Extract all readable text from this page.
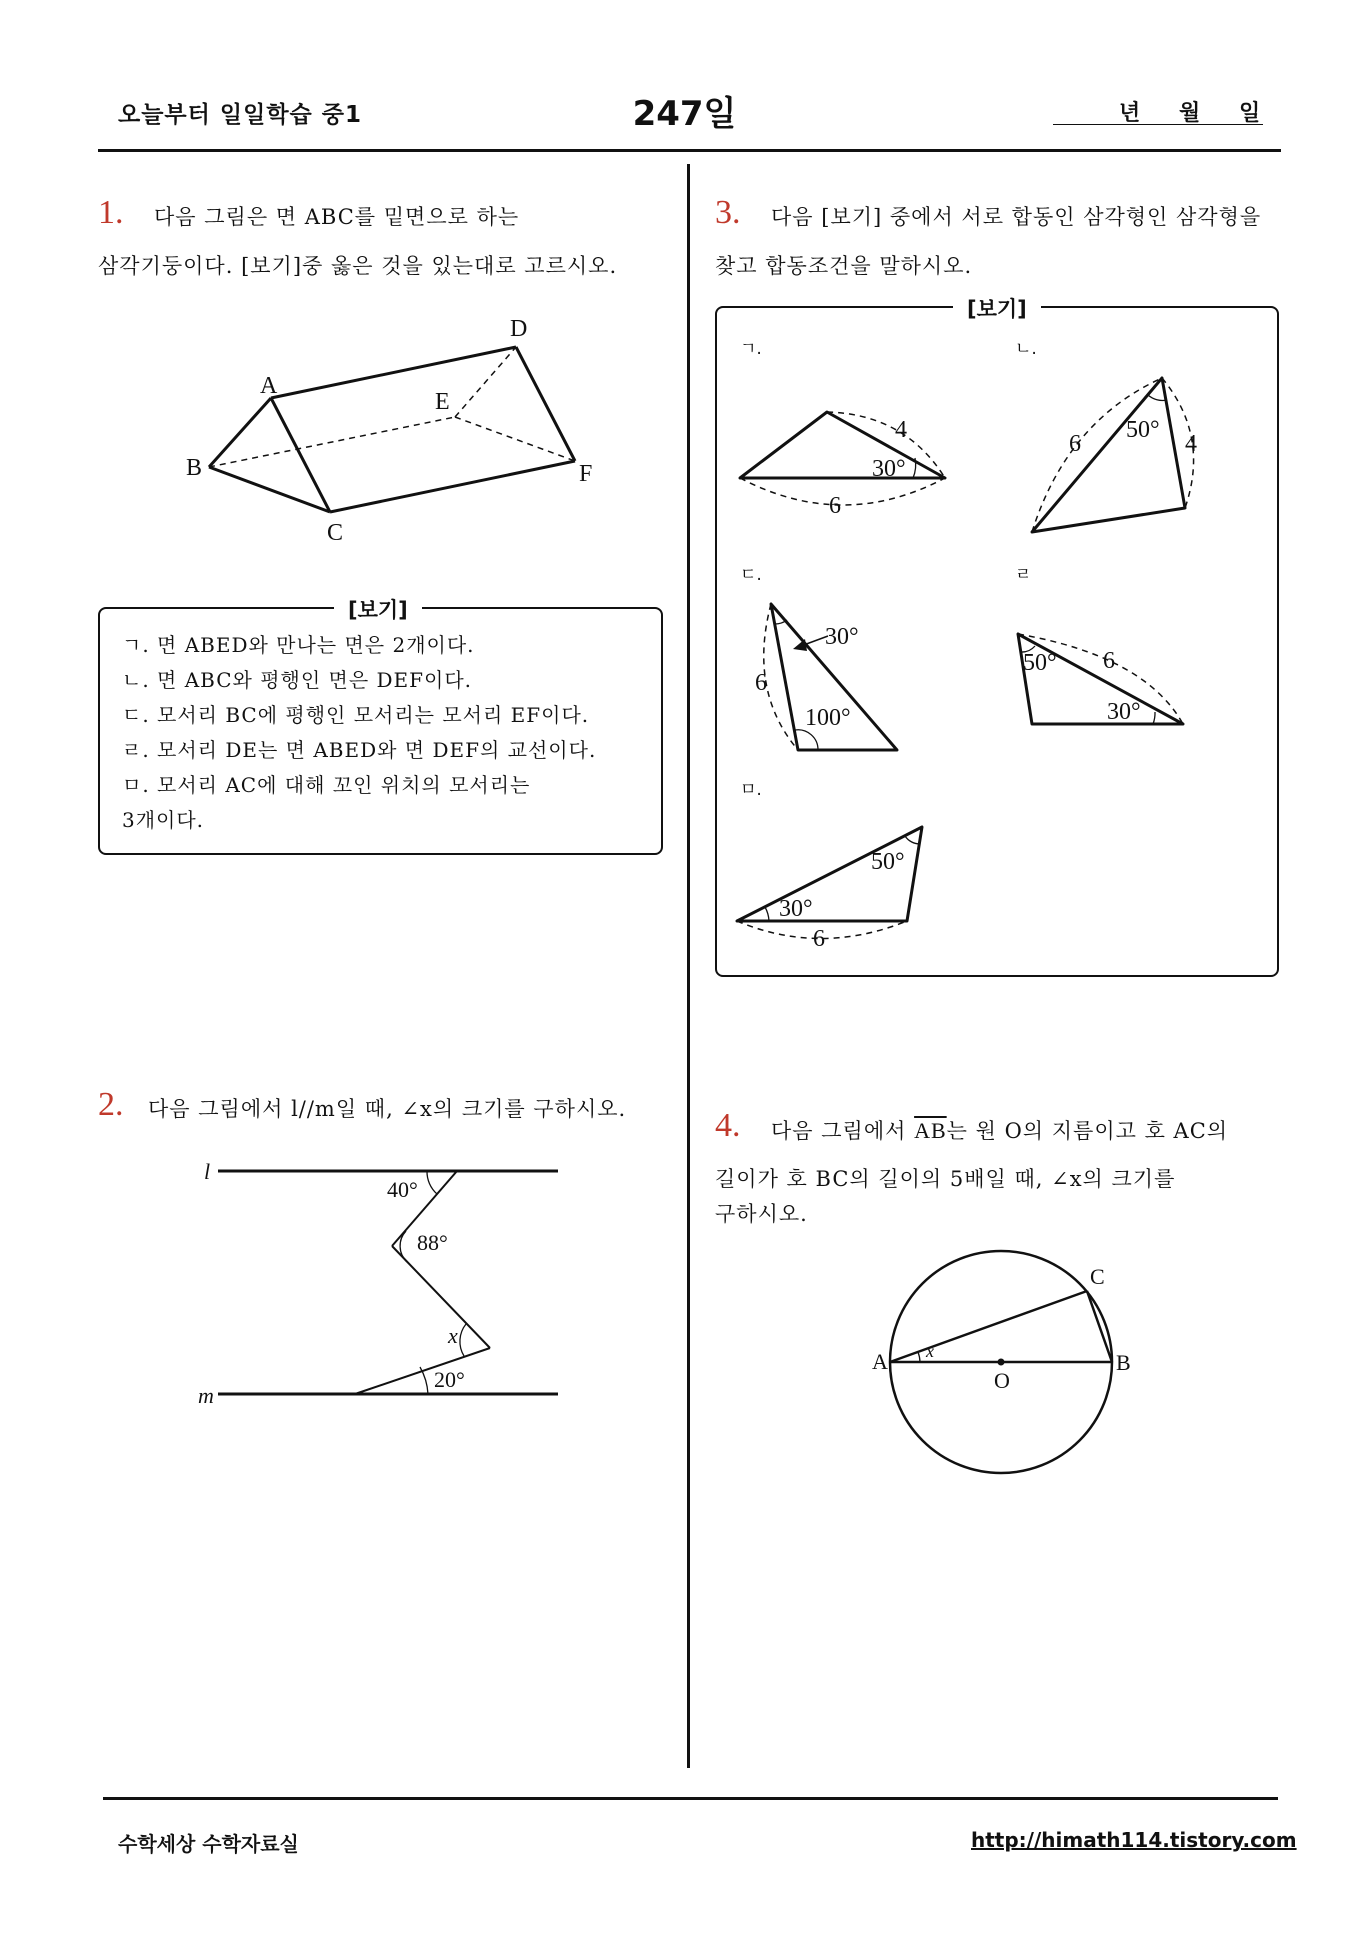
오늘부터 일일학습 중1	247일	년 월 일
1. 다음 그림은 면 ABC를 밑면으로 하는
삼각기둥이다. [보기]중 옳은 것을 있는대로 고르시오.
A
B
C
D
E
F
[보기]
ㄱ. 면 ABED와 만나는 면은 2개이다.
ㄴ. 면 ABC와 평행인 면은 DEF이다.
ㄷ. 모서리 BC에 평행인 모서리는 모서리 EF이다.
ㄹ. 모서리 DE는 면 ABED와 면 DEF의 교선이다.
ㅁ. 모서리 AC에 대해 꼬인 위치의 모서리는
3개이다.
2. 다음 그림에서 l//m일 때, ∠x의 크기를 구하시오.
l
m
40°
88°
x
20°
3. 다음 [보기] 중에서 서로 합동인 삼각형인 삼각형을
찾고 합동조건을 말하시오.
[보기]
ㄱ.	ㄴ.
ㄷ.	ㄹ
ㅁ.
4
30°
6
6
50°
4
30°
6
100°
50° 6
30°
50°
30°
6
4. 다음 그림에서 $\overline{AB}$는 원 O의 지름이고 호 AC의
길이가 호 BC의 길이의 5배일 때, ∠x의 크기를
구하시오.
A	B
C
O
x
수학세상 수학자료실	http://himath114.tistory.com
